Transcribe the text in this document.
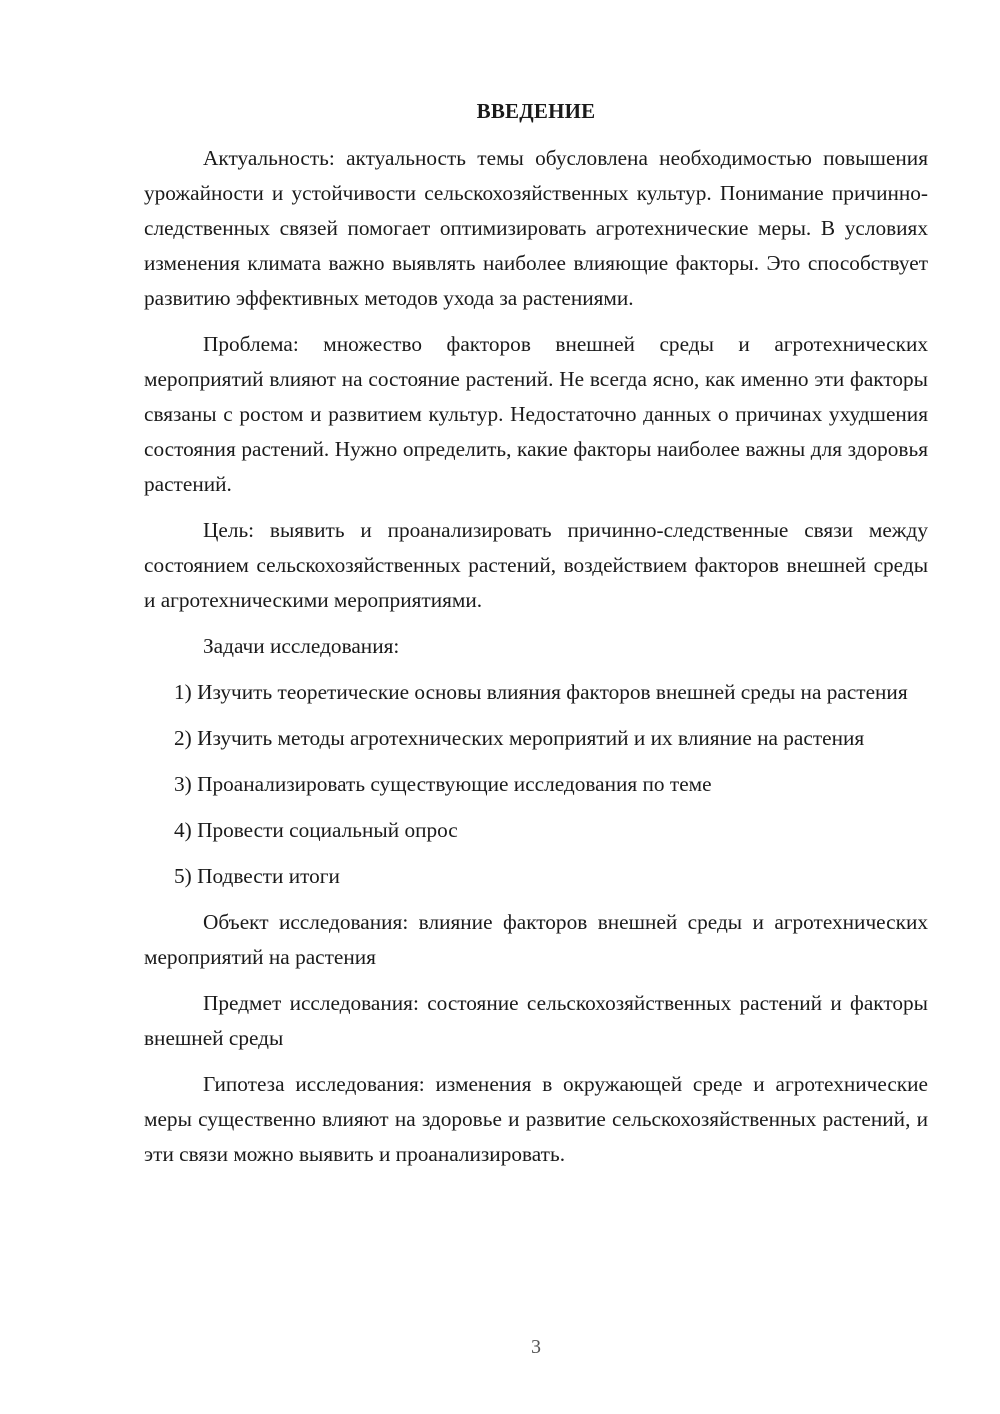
ВВЕДЕНИЕ

Актуальность: актуальность темы обусловлена необходимостью повышения урожайности и устойчивости сельскохозяйственных культур. Понимание причинно-следственных связей помогает оптимизировать агротехнические меры. В условиях изменения климата важно выявлять наиболее влияющие факторы. Это способствует развитию эффективных методов ухода за растениями.

Проблема: множество факторов внешней среды и агротехнических мероприятий влияют на состояние растений. Не всегда ясно, как именно эти факторы связаны с ростом и развитием культур. Недостаточно данных о причинах ухудшения состояния растений. Нужно определить, какие факторы наиболее важны для здоровья растений.

Цель: выявить и проанализировать причинно-следственные связи между состоянием сельскохозяйственных растений, воздействием факторов внешней среды и агротехническими мероприятиями.

Задачи исследования:

1) Изучить теоретические основы влияния факторов внешней среды на растения

2) Изучить методы агротехнических мероприятий и их влияние на растения

3) Проанализировать существующие исследования по теме

4) Провести социальный опрос

5) Подвести итоги

Объект исследования: влияние факторов внешней среды и агротехнических мероприятий на растения

Предмет исследования: состояние сельскохозяйственных растений и факторы внешней среды

Гипотеза исследования: изменения в окружающей среде и агротехнические меры существенно влияют на здоровье и развитие сельскохозяйственных растений, и эти связи можно выявить и проанализировать.

3
